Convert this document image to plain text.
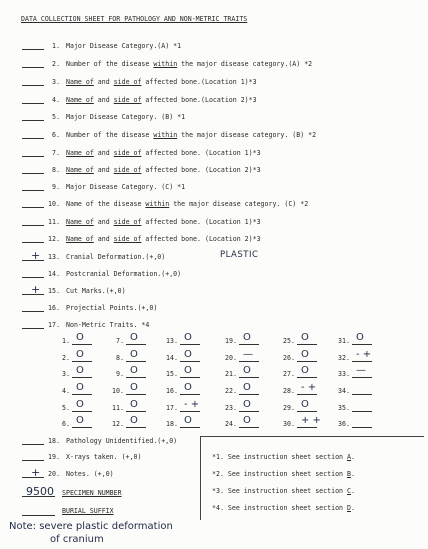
DATA COLLECTION SHEET FOR PATHOLOGY AND NON-METRIC TRAITS
1. Major Disease Category.(A) *1
2. Number of the disease within the major disease category.(A) *2
3. Name of and side of affected bone.(Location 1)*3
4. Name of and side of affected bone.(Location 2)*3
5. Major Disease Category. (B) *1
6. Number of the disease within the major disease category. (B) *2
7. Name of and side of affected bone. (Location 1)*3
8. Name of and side of affected bone. (Location 2)*3
9. Major Disease Category. (C) *1
10. Name of the disease within the major disease category. (C) *2
11. Name of and side of affected bone. (Location 1)*3
12. Name of and side of affected bone. (Location 2)*3
13. Cranial Deformation.(+,0)
+	PLASTIC
14. Postcranial Deformation.(+,0)
15. Cut Marks.(+,0)
+
16. Projectial Points.(+,0)
17. Non-Metric Traits. *4
1. O
2. O
3. O
4. O
5. O
6. O
7. O
8. O
9. O
10. O
11. O
12. O
13. O
14. O
15. O
16. O
17. - +
18. O
19. O
20. —
21. O
22. O
23. O
24. O
25. O
26. O
27. O
28. - +
29. O
30. + +
31. O
32. - +
33. —
34.
35.
36.
18. Pathology Unidentified.(+,0)
19. X-rays taken. (+,0)
20. Notes. (+,0)
+
*1. See instruction sheet section A.
*2. See instruction sheet section B.
*3. See instruction sheet section C.
*4. See instruction sheet section D.
9500 SPECIMEN NUMBER
BURIAL SUFFIX
Note: severe plastic deformation
of cranium
